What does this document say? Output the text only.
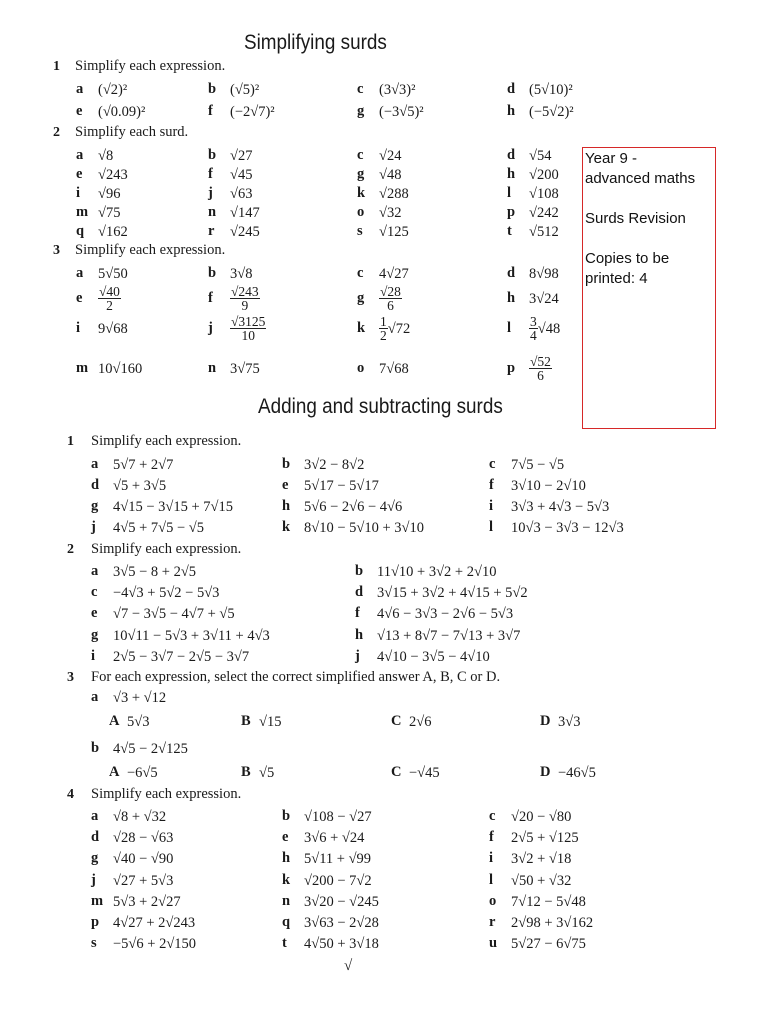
Simplifying surds
Adding and subtracting surds
1 Simplify each expression.
a (√2)²	b (√5)²	c (3√3)²	d (5√10)²
e (√0.09)²	f (−2√7)²	g (−3√5)²	h (−5√2)²
2 Simplify each surd.
a √8	b √27	c √24	d √54
e √243	f √45	g √48	h √200
i √96	j √63	k √288	l √108
m √75	n √147	o √32	p √242
q √162	r √245	s √125	t √512
3 Simplify each expression.
a 5√50	b 3√8	c 4√27	d 8√98
e $\frac{√40}{2}$	f $\frac{√243}{9}$	g $\frac{√28}{6}$	h 3√24
i 9√68	j $\frac{√3125}{10}$	k $\frac{1}{2} √72$	l $\frac{3}{4} √48$
m 10√160	n 3√75	o 7√68	p $\frac{√52}{6}$
1 Simplify each expression.
a 5√7 + 2√7	b 3√2 − 8√2	c 7√5 − √5
d √5 + 3√5	e 5√17 − 5√17	f 3√10 − 2√10
g 4√15 − 3√15 + 7√15	h 5√6 − 2√6 − 4√6	i 3√3 + 4√3 − 5√3
j 4√5 + 7√5 − √5	k 8√10 − 5√10 + 3√10	l 10√3 − 3√3 − 12√3
2 Simplify each expression.
a 3√5 − 8 + 2√5	b 11√10 + 3√2 + 2√10
c −4√3 + 5√2 − 5√3	d 3√15 + 3√2 + 4√15 + 5√2
e √7 − 3√5 − 4√7 + √5	f 4√6 − 3√3 − 2√6 − 5√3
g 10√11 − 5√3 + 3√11 + 4√3	h √13 + 8√7 − 7√13 + 3√7
i 2√5 − 3√7 − 2√5 − 3√7	j 4√10 − 3√5 − 4√10
3 For each expression, select the correct simplified answer A, B, C or D.
a √3 + √12
A 5√3	B √15	C 2√6	D 3√3
b 4√5 − 2√125
A −6√5	B √5	C −√45	D −46√5
4 Simplify each expression.
a √8 + √32	b √108 − √27	c √20 − √80
d √28 − √63	e 3√6 + √24	f 2√5 + √125
g √40 − √90	h 5√11 + √99	i 3√2 + √18
j √27 + 5√3	k √200 − 7√2	l √50 + √32
m 5√3 + 2√27	n 3√20 − √245	o 7√12 − 5√48
p 4√27 + 2√243	q 3√63 − 2√28	r 2√98 + 3√162
s −5√6 + 2√150	t 4√50 + 3√18	u 5√27 − 6√75
Year 9 -
advanced maths
Surds Revision
Copies to be
printed: 4
√
